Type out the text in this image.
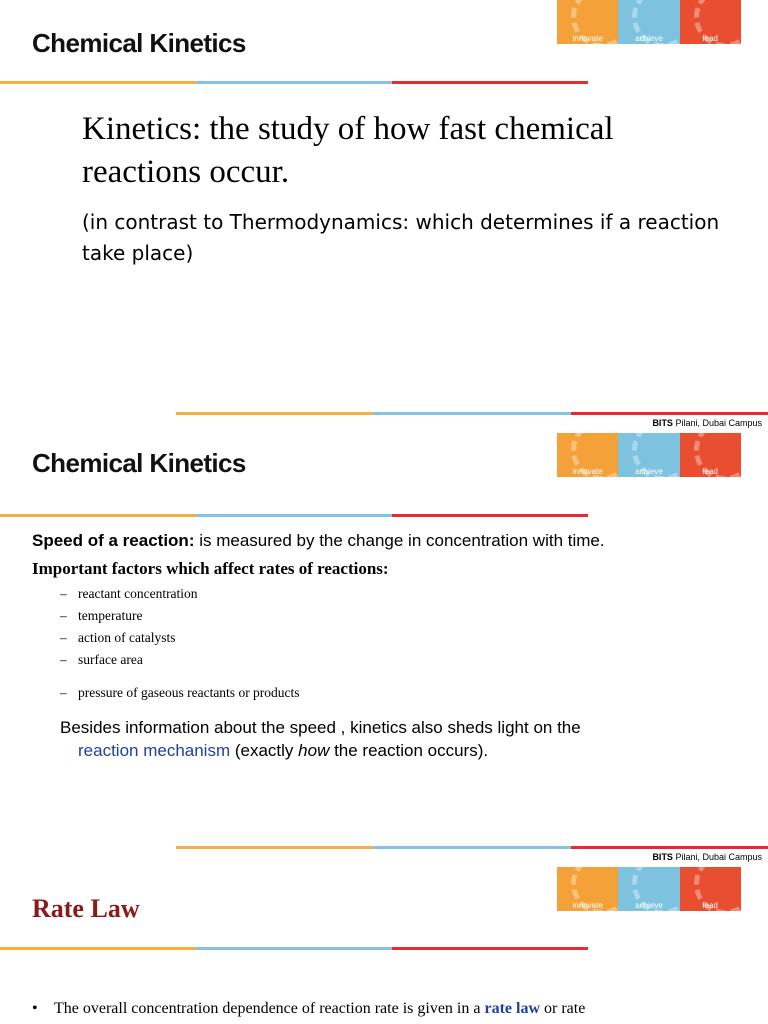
Chemical Kinetics	innovate	achieve	lead
Kinetics: the study of how fast chemical reactions occur.
(in contrast to Thermodynamics: which determines if a reaction take place)
BITS Pilani, Dubai Campus
Chemical Kinetics	innovate	achieve	lead
Speed of a reaction: is measured by the change in concentration with time.
Important factors which affect rates of reactions:
– reactant concentration
– temperature
– action of catalysts
– surface area
– pressure of gaseous reactants or products
Besides information about the speed , kinetics also sheds light on the
reaction mechanism (exactly how the reaction occurs).
BITS Pilani, Dubai Campus
Rate Law	innovate	achieve	lead
• The overall concentration dependence of reaction rate is given in a rate law or rate
